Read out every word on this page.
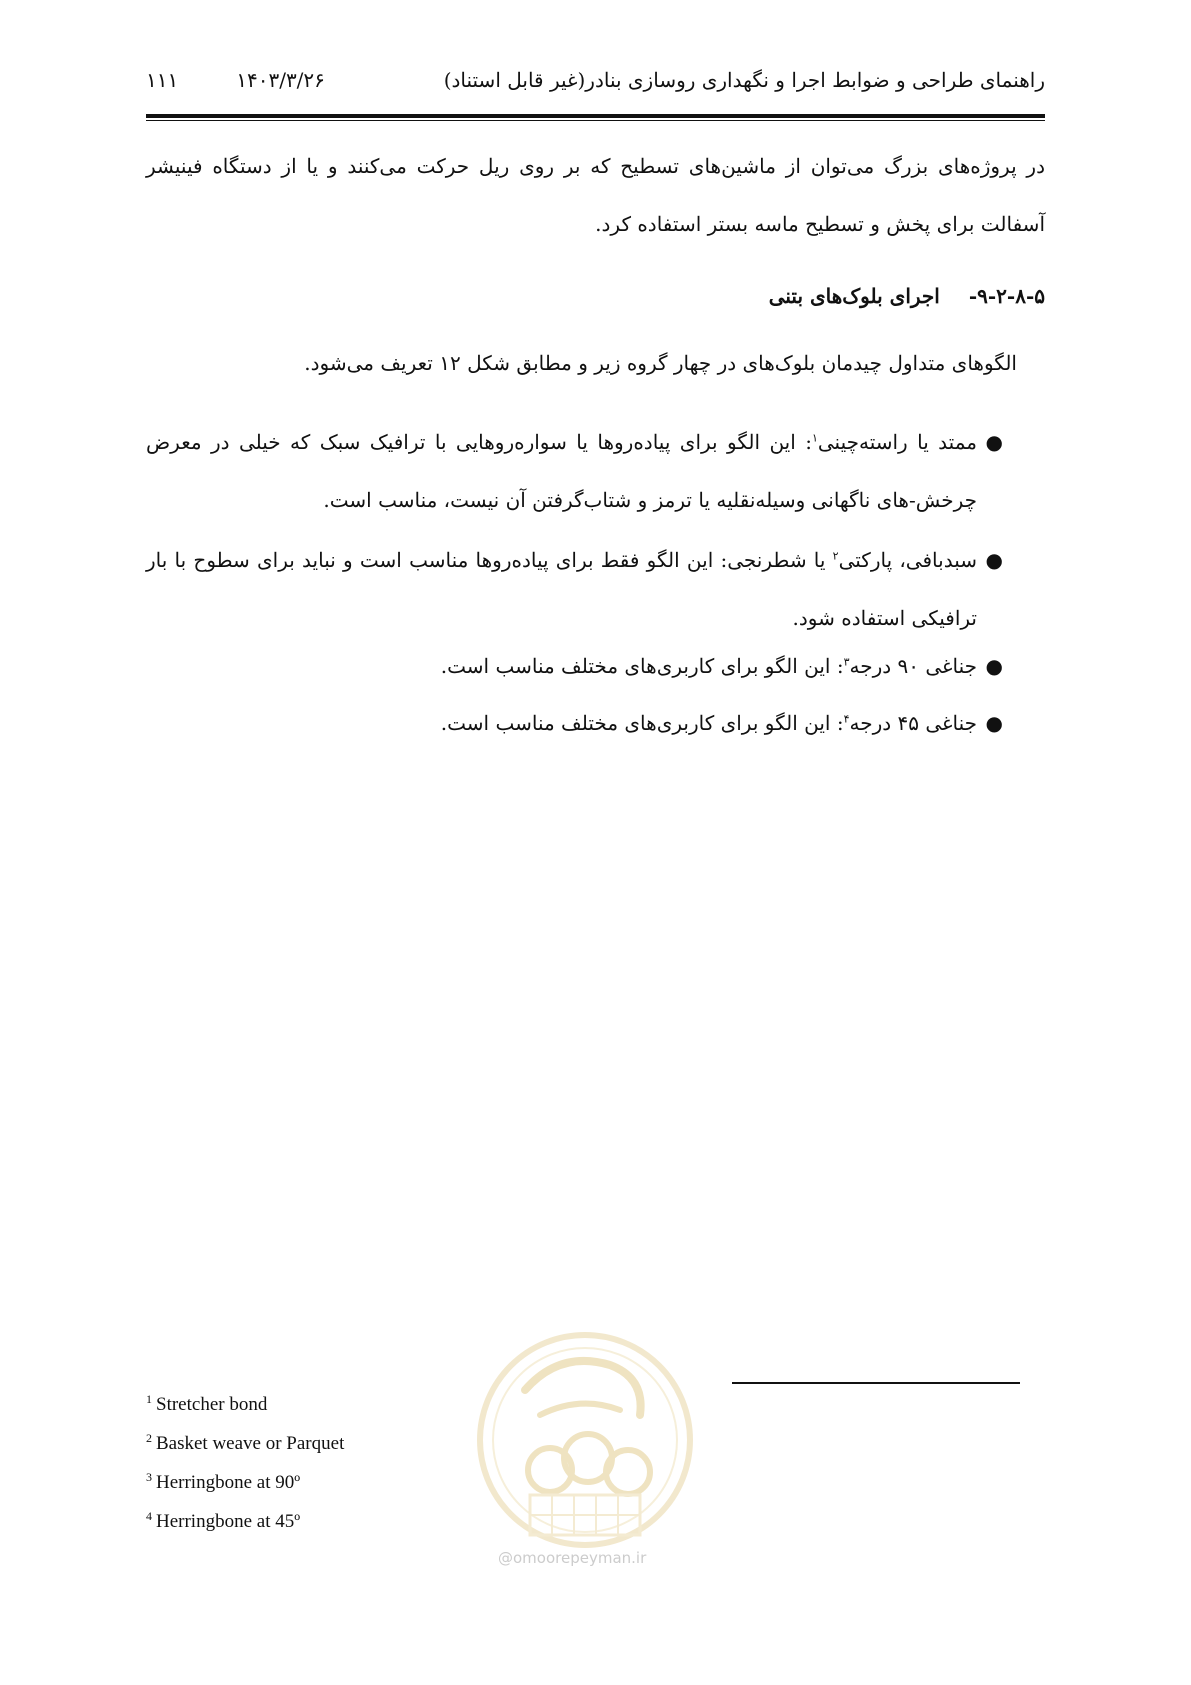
۱۱۱	۱۴۰۳/۳/۲۶	راهنمای طراحی و ضوابط اجرا و نگهداری روسازی بنادر(غیر قابل استناد)
در پروژه‌های بزرگ می‌توان از ماشین‌های تسطیح که بر روی ریل حرکت می‌کنند و یا از دستگاه فینیشر آسفالت برای پخش و تسطیح ماسه بستر استفاده کرد.
۹-۲-۸-۵- اجرای بلوک‌های بتنی
الگوهای متداول چیدمان بلوک‌های در چهار گروه زیر و مطابق شکل ۱۲ تعریف می‌شود.
●
ممتد یا راسته‌چینی$^۱$: این الگو برای پیاده‌روها یا سواره‌روهایی با ترافیک سبک که خیلی در معرض چرخش-های ناگهانی وسیله‌نقلیه یا ترمز و شتاب‌گرفتن آن نیست، مناسب است.
●
سبدبافی، پارکتی$^۲$ یا شطرنجی: این الگو فقط برای پیاده‌روها مناسب است و نباید برای سطوح با بار ترافیکی استفاده شود.
●
جناغی ۹۰ درجه$^۳$: این الگو برای کاربری‌های مختلف مناسب است.
●
جناغی ۴۵ درجه$^۴$: این الگو برای کاربری‌های مختلف مناسب است.
@omoorepeyman.ir
$^1$ Stretcher bond
$^2$ Basket weave or Parquet
$^3$ Herringbone at 90º
$^4$ Herringbone at 45º
